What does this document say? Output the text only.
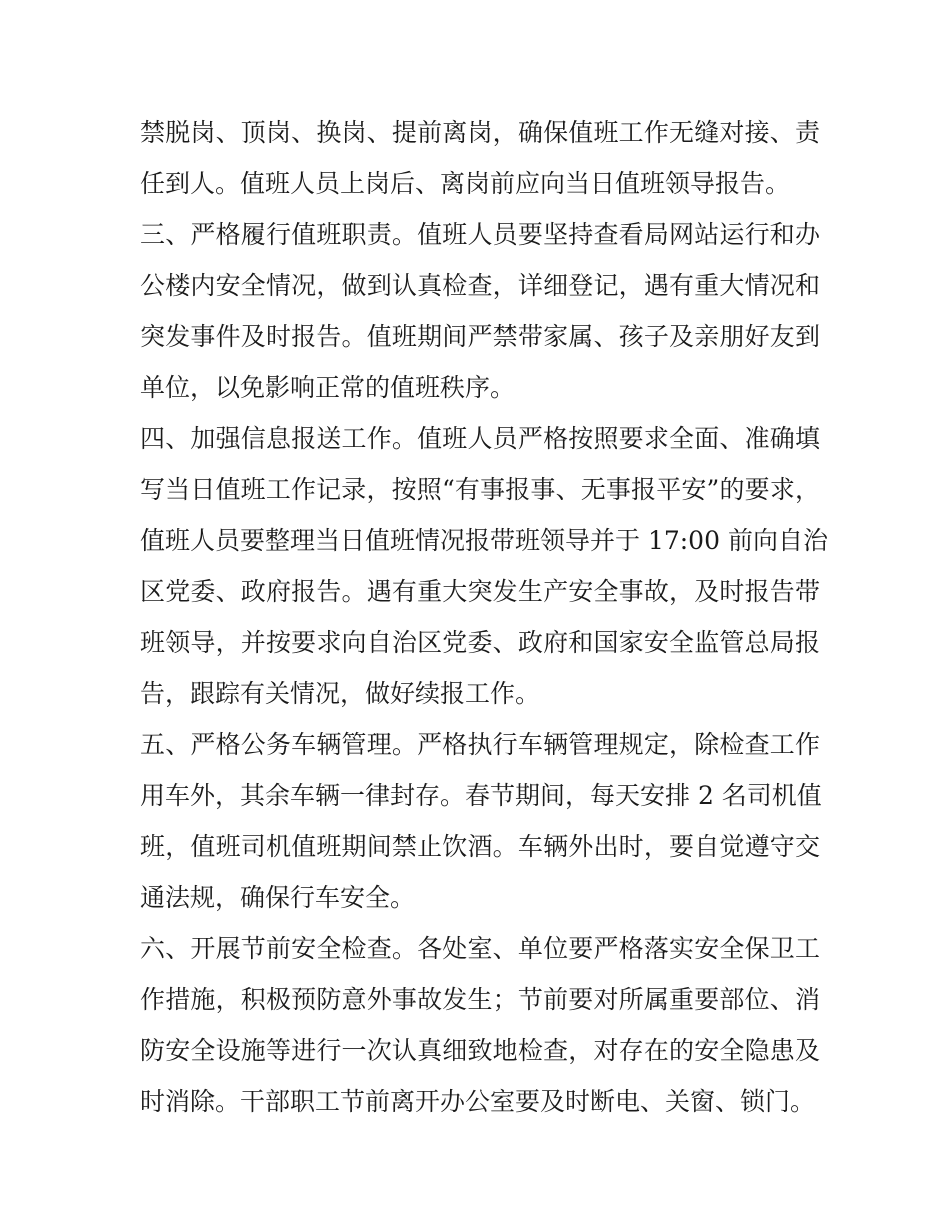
禁脱岗、顶岗、换岗、提前离岗，确保值班工作无缝对接、责
任到人。值班人员上岗后、离岗前应向当日值班领导报告。
三、严格履行值班职责。值班人员要坚持查看局网站运行和办
公楼内安全情况，做到认真检查，详细登记，遇有重大情况和
突发事件及时报告。值班期间严禁带家属、孩子及亲朋好友到
单位，以免影响正常的值班秩序。
四、加强信息报送工作。值班人员严格按照要求全面、准确填
写当日值班工作记录，按照“有事报事、无事报平安”的要求，
值班人员要整理当日值班情况报带班领导并于 17:00 前向自治
区党委、政府报告。遇有重大突发生产安全事故，及时报告带
班领导，并按要求向自治区党委、政府和国家安全监管总局报
告，跟踪有关情况，做好续报工作。
五、严格公务车辆管理。严格执行车辆管理规定，除检查工作
用车外，其余车辆一律封存。春节期间，每天安排 2 名司机值
班，值班司机值班期间禁止饮酒。车辆外出时，要自觉遵守交
通法规，确保行车安全。
六、开展节前安全检查。各处室、单位要严格落实安全保卫工
作措施，积极预防意外事故发生；节前要对所属重要部位、消
防安全设施等进行一次认真细致地检查，对存在的安全隐患及
时消除。干部职工节前离开办公室要及时断电、关窗、锁门。
